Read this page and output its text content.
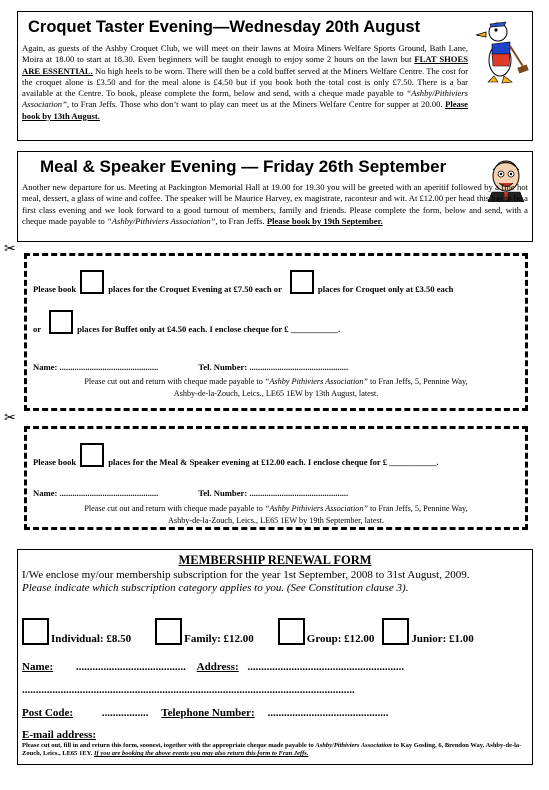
Croquet Taster Evening—Wednesday 20th August
Again, as guests of the Ashby Croquet Club, we will meet on their lawns at Moira Miners Welfare Sports Ground, Bath Lane, Moira at 18.00 to start at 18.30. Even beginners will be taught enough to enjoy some 2 hours on the lawn but FLAT SHOES ARE ESSENTIAL. No high heels to be worn. There will then be a cold buffet served at the Miners Welfare Centre. The cost for the croquet alone is £3.50 and for the meal alone is £4.50 but if you book both the total cost is only £7.50. There is a bar available at the Centre. To book, please complete the form, below and send, with a cheque made payable to “Ashby/Pithiviers Association”, to Fran Jeffs. Those who don’t want to play can meet us at the Miners Welfare Centre for supper at 20.00. Please book by 13th August.
Meal & Speaker Evening — Friday 26th September
Another new departure for us. Meeting at Packington Memorial Hall at 19.00 for 19.30 you will be greeted with an aperitif followed by a fine hot meal, dessert, a glass of wine and coffee. The speaker will be Maurice Harvey, ex magistrate, raconteur and wit. At £12.00 per head this has to be a first class evening and we look forward to a good turnout of members, family and friends. Please complete the form, below and send, with a cheque made payable to “Ashby/Pithiviers Association”, to Fran Jeffs. Please book by 19th September.
✂
✂
Please book	places for the Croquet Evening at £7.50 each or	places for Croquet only at £3.50 each
or	places for Buffet only at £4.50 each. I enclose cheque for £ ___________.
Name: ..............................................	Tel. Number: ..............................................
Please cut out and return with cheque made payable to “Ashby Pithiviers Association” to Fran Jeffs, 5, Pennine Way,
Ashby-de-la-Zouch, Leics., LE65 1EW by 13th August, latest.
Please book	places for the Meal & Speaker evening at £12.00 each. I enclose cheque for £ ___________.
Name: ..............................................	Tel. Number: ..............................................
Please cut out and return with cheque made payable to “Ashby Pithiviers Association” to Fran Jeffs, 5, Pennine Way,
Ashby-de-la-Zouch, Leics., LE65 1EW by 19th September, latest.
MEMBERSHIP RENEWAL FORM
I/We enclose my/our membership subscription for the year 1st September, 2008 to 31st August, 2009.
Please indicate which subscription category applies to you. (See Constitution clause 3).
Individual: £8.50	Family: £12.00	Group: £12.00	Junior: £1.00
Name: ........................................ Address: .........................................................
.........................................................................................................................
Post Code:	................. Telephone Number: ............................................
E-mail address:
Please cut out, fill in and return this form, soonest, together with the appropriate cheque made payable to Ashby/Pithiviers Association to Kay Gosling, 6, Brendon Way, Ashby-de-la-Zouch, Leics., LE65 1EY. If you are booking the above events you may also return this form to Fran Jeffs.
